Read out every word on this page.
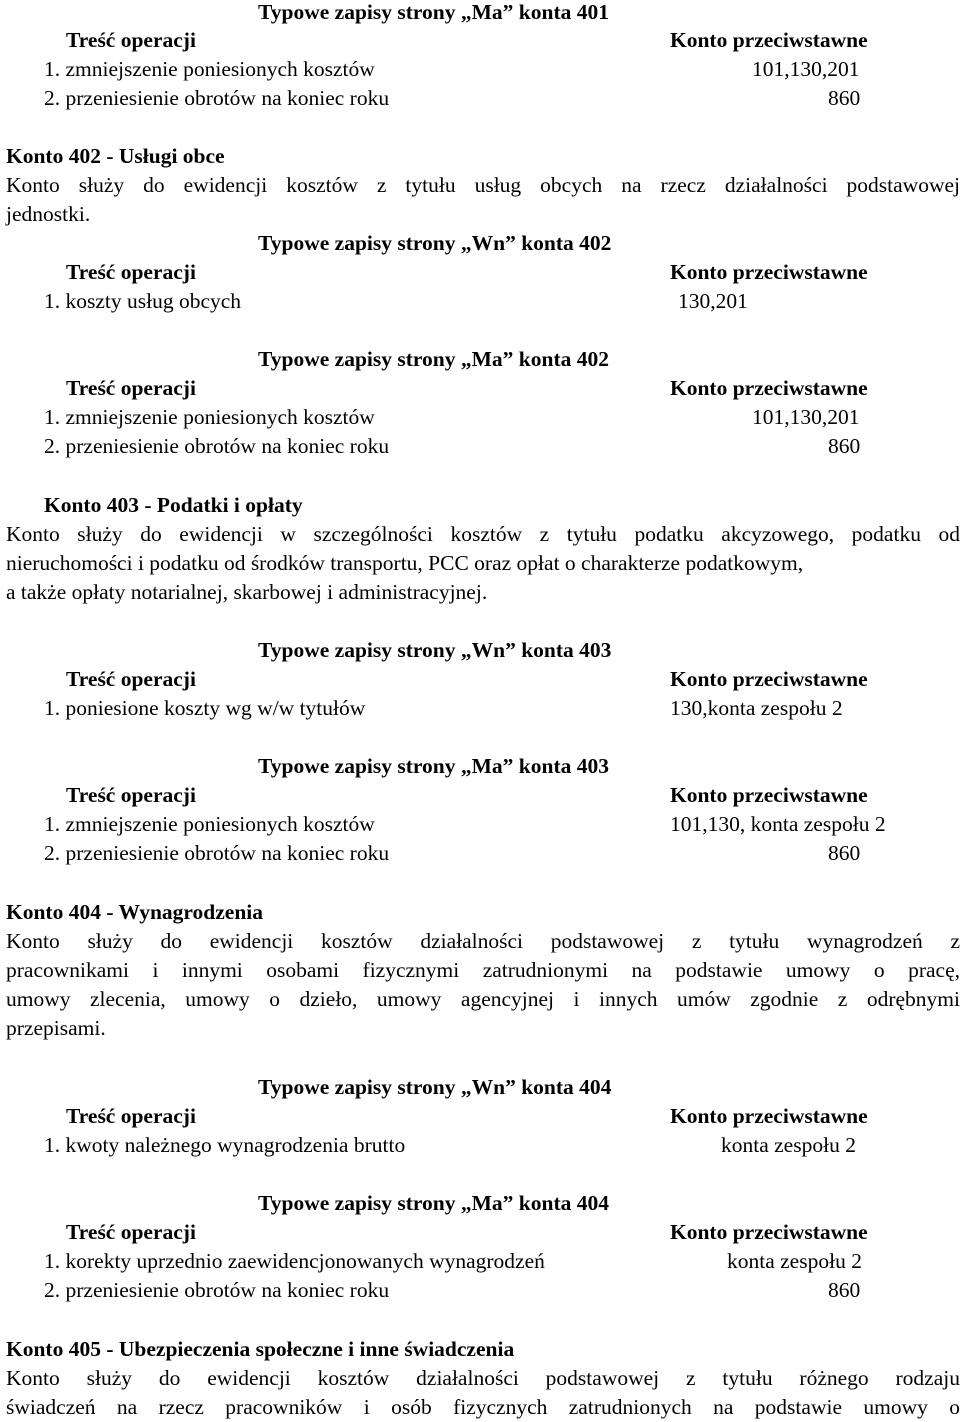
Typowe zapisy strony „Ma” konta 401
Treść operacji	Konto przeciwstawne
1. zmniejszenie poniesionych kosztów	101,130,201
2. przeniesienie obrotów na koniec roku	860
Konto 402 - Usługi obce
Konto służy do ewidencji kosztów z tytułu usług obcych na rzecz działalności podstawowej
jednostki.
Typowe zapisy strony „Wn” konta 402
Treść operacji	Konto przeciwstawne
1. koszty usług obcych	130,201
Typowe zapisy strony „Ma” konta 402
Treść operacji	Konto przeciwstawne
1. zmniejszenie poniesionych kosztów	101,130,201
2. przeniesienie obrotów na koniec roku	860
Konto 403 - Podatki i opłaty
Konto służy do ewidencji w szczególności kosztów z tytułu podatku akcyzowego, podatku od
nieruchomości i podatku od środków transportu, PCC oraz opłat o charakterze podatkowym,
a także opłaty notarialnej, skarbowej i administracyjnej.
Typowe zapisy strony „Wn” konta 403
Treść operacji	Konto przeciwstawne
1. poniesione koszty wg w/w tytułów	130,konta zespołu 2
Typowe zapisy strony „Ma” konta 403
Treść operacji	Konto przeciwstawne
1. zmniejszenie poniesionych kosztów	101,130, konta zespołu 2
2. przeniesienie obrotów na koniec roku	860
Konto 404 - Wynagrodzenia
Konto służy do ewidencji kosztów działalności podstawowej z tytułu wynagrodzeń z
pracownikami i innymi osobami fizycznymi zatrudnionymi na podstawie umowy o pracę,
umowy zlecenia, umowy o dzieło, umowy agencyjnej i innych umów zgodnie z odrębnymi
przepisami.
Typowe zapisy strony „Wn” konta 404
Treść operacji	Konto przeciwstawne
1. kwoty należnego wynagrodzenia brutto	konta zespołu 2
Typowe zapisy strony „Ma” konta 404
Treść operacji	Konto przeciwstawne
1. korekty uprzednio zaewidencjonowanych wynagrodzeń	konta zespołu 2
2. przeniesienie obrotów na koniec roku	860
Konto 405 - Ubezpieczenia społeczne i inne świadczenia
Konto służy do ewidencji kosztów działalności podstawowej z tytułu różnego rodzaju
świadczeń na rzecz pracowników i osób fizycznych zatrudnionych na podstawie umowy o
